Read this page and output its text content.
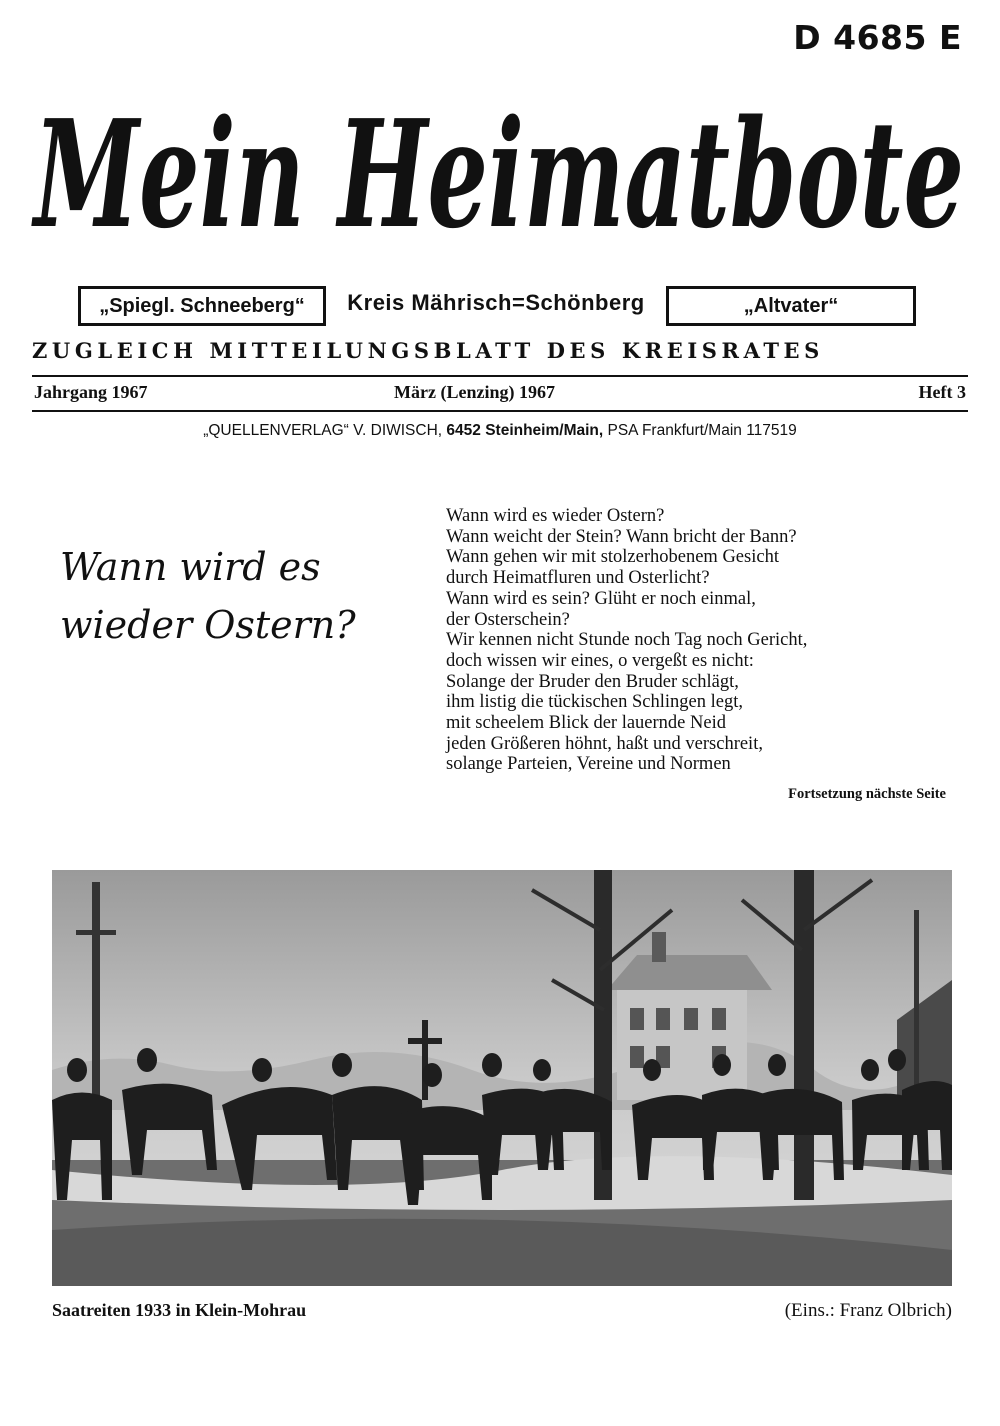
D 4685 E
Mein Heimatbote
„Spiegl. Schneeberg“	Kreis Mährisch=Schönberg	„Altvater“
ZUGLEICH MITTEILUNGSBLATT DES KREISRATES
Jahrgang 1967	März (Lenzing) 1967	Heft 3
„QUELLENVERLAG“ V. DIWISCH, 6452 Steinheim/Main, PSA Frankfurt/Main 117519
Wann wird es
wieder Ostern?
Wann wird es wieder Ostern?
Wann weicht der Stein? Wann bricht der Bann?
Wann gehen wir mit stolzerhobenem Gesicht
durch Heimatfluren und Osterlicht?
Wann wird es sein? Glüht er noch einmal,
der Osterschein?
Wir kennen nicht Stunde noch Tag noch Gericht,
doch wissen wir eines, o vergeßt es nicht:
Solange der Bruder den Bruder schlägt,
ihm listig die tückischen Schlingen legt,
mit scheelem Blick der lauernde Neid
jeden Größeren höhnt, haßt und verschreit,
solange Parteien, Vereine und Normen
Fortsetzung nächste Seite
Saatreiten 1933 in Klein-Mohrau	(Eins.: Franz Olbrich)
